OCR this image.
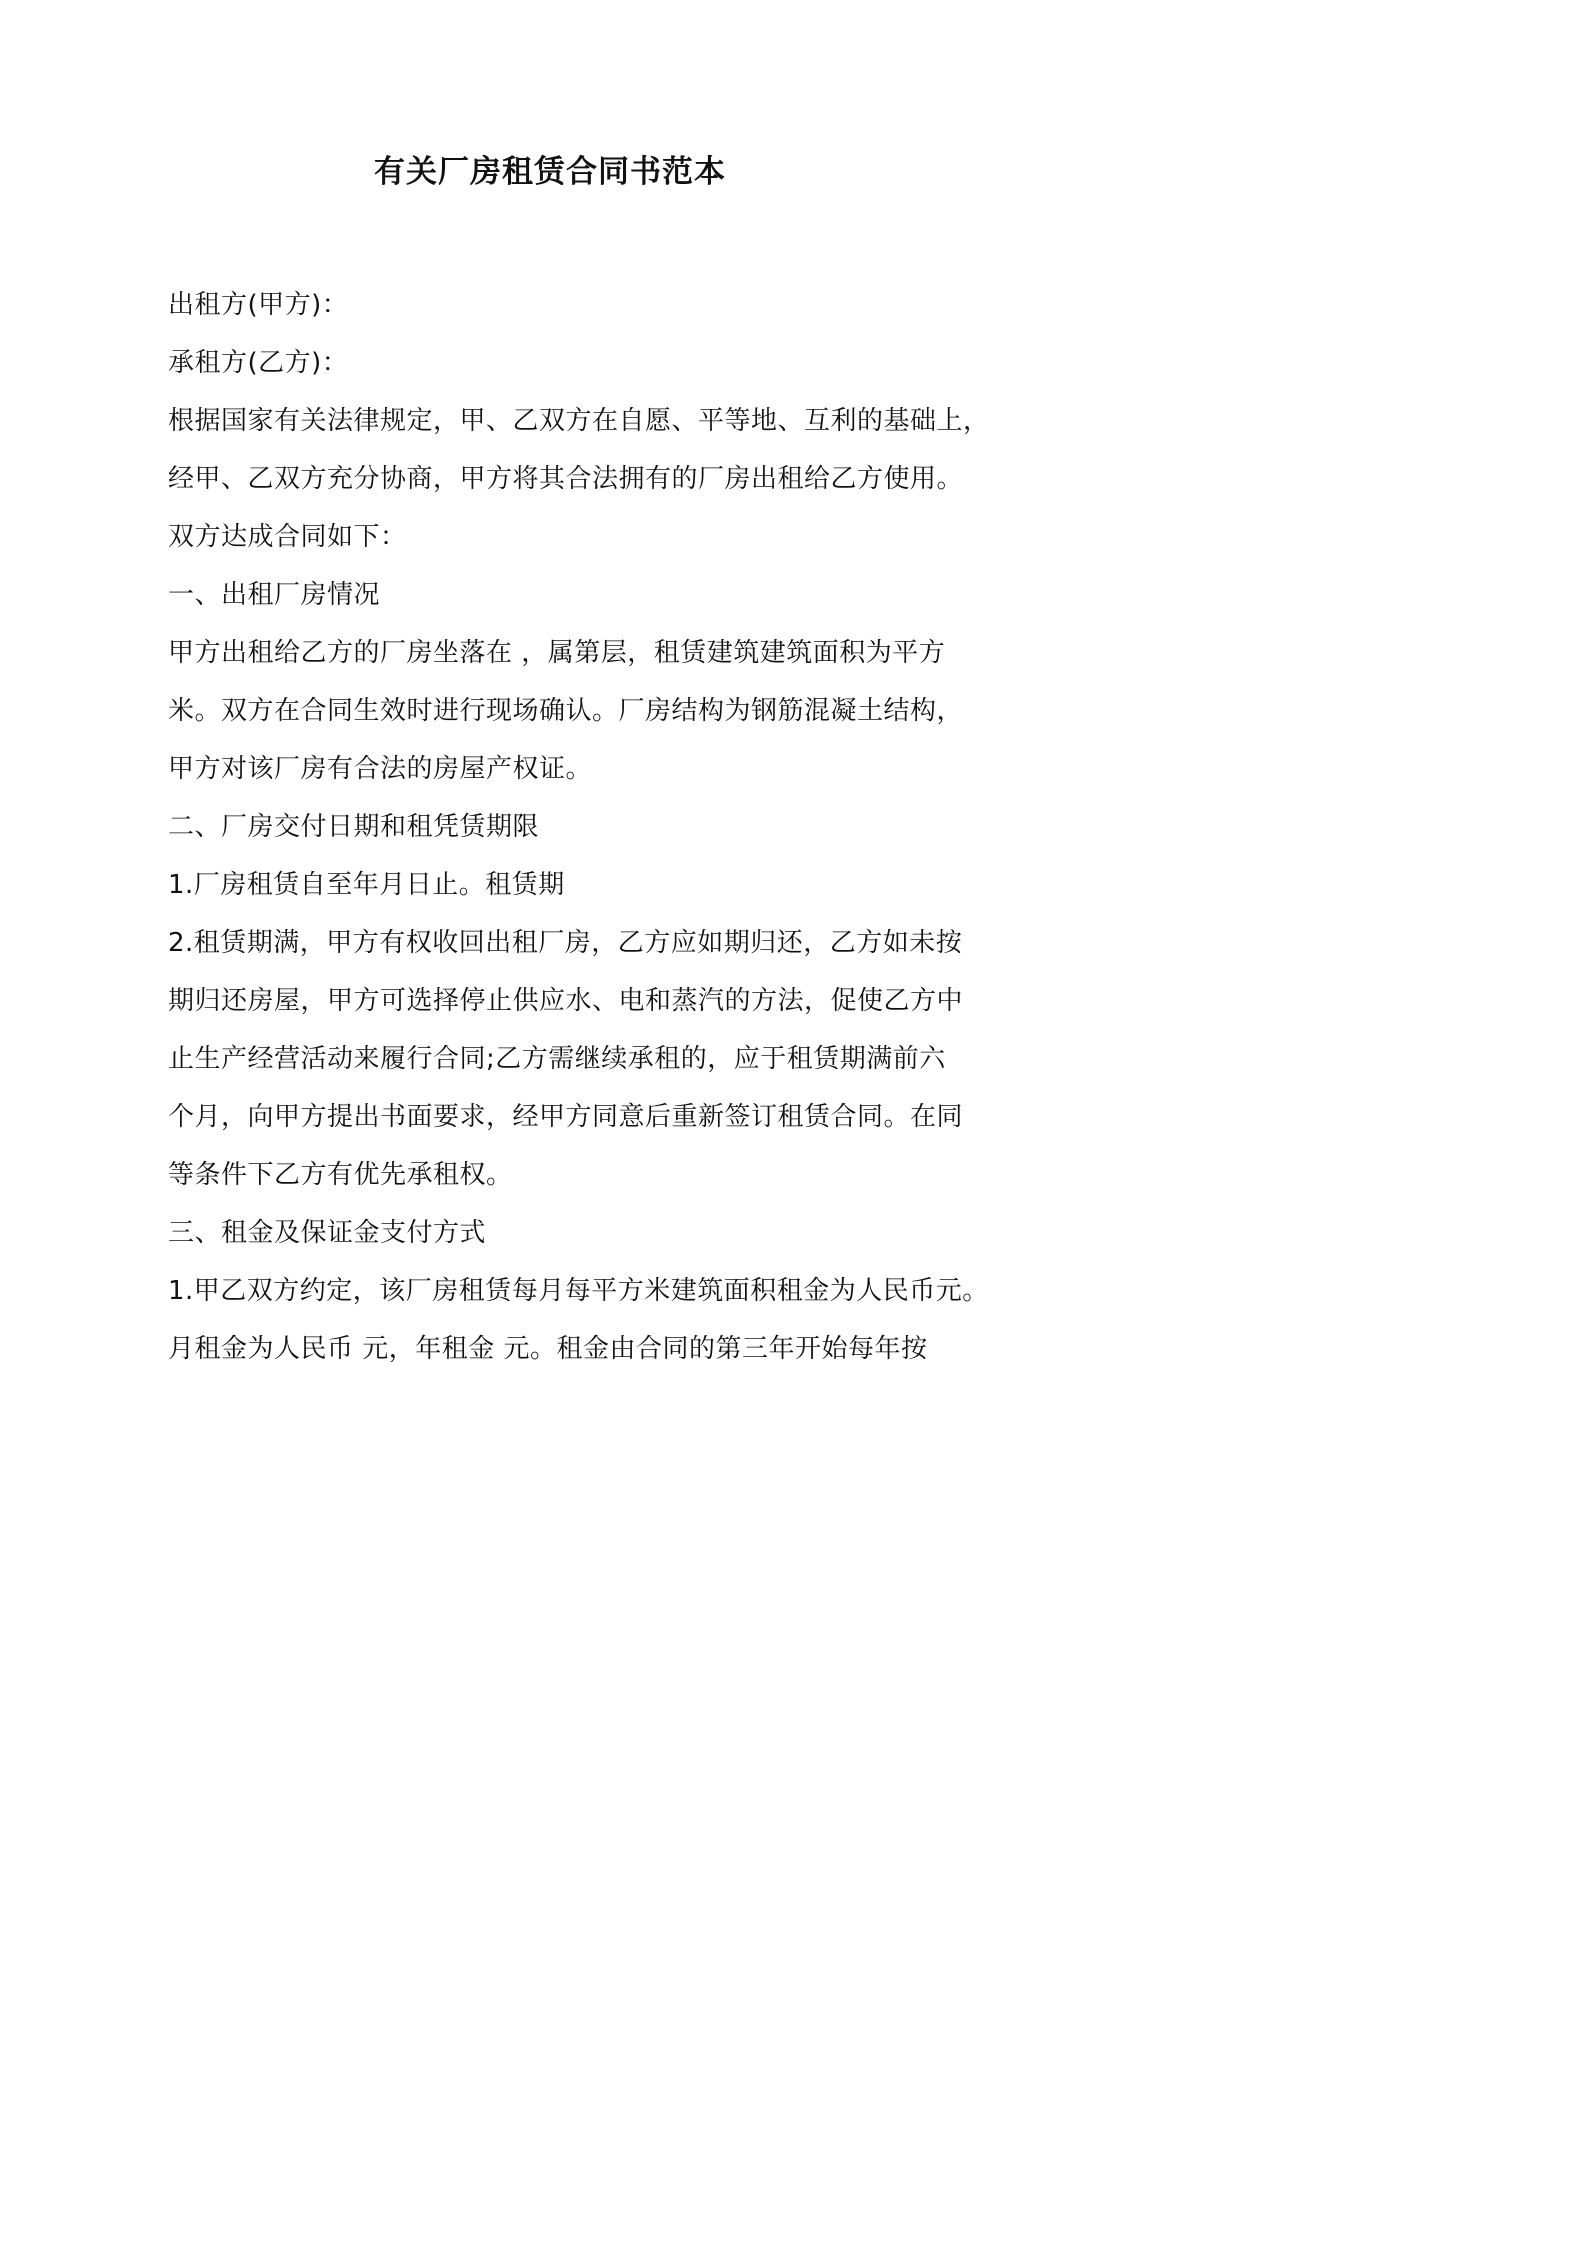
有关厂房租赁合同书范本
出租方(甲方)：
承租方(乙方)：
根据国家有关法律规定，甲、乙双方在自愿、平等地、互利的基础上，
经甲、乙双方充分协商，甲方将其合法拥有的厂房出租给乙方使用。
双方达成合同如下：
一、出租厂房情况
甲方出租给乙方的厂房坐落在 ，属第层，租赁建筑建筑面积为平方
米。双方在合同生效时进行现场确认。厂房结构为钢筋混凝土结构，
甲方对该厂房有合法的房屋产权证。
二、厂房交付日期和租凭赁期限
1.厂房租赁自至年月日止。租赁期
2.租赁期满，甲方有权收回出租厂房，乙方应如期归还，乙方如未按
期归还房屋，甲方可选择停止供应水、电和蒸汽的方法，促使乙方中
止生产经营活动来履行合同;乙方需继续承租的，应于租赁期满前六
个月，向甲方提出书面要求，经甲方同意后重新签订租赁合同。在同
等条件下乙方有优先承租权。
三、租金及保证金支付方式
1.甲乙双方约定，该厂房租赁每月每平方米建筑面积租金为人民币元。
月租金为人民币 元，年租金 元。租金由合同的第三年开始每年按
